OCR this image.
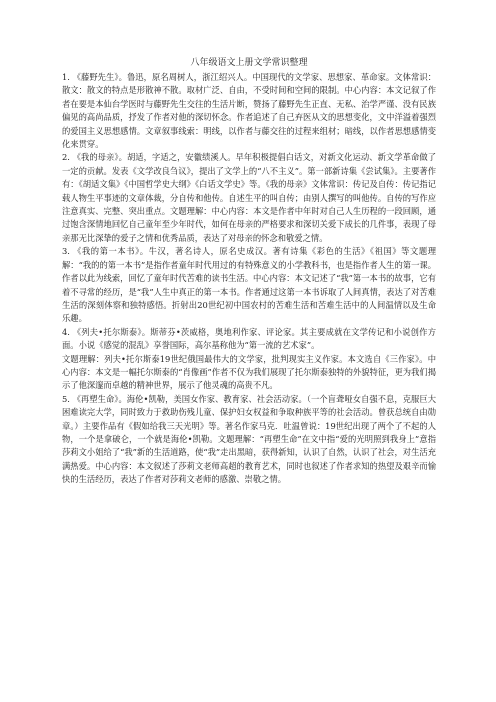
八年级语文上册文学常识整理

1. 《藤野先生》。鲁迅，原名周树人，浙江绍兴人。中国现代的文学家、思想家、革命家。文体常识：散文：散文的特点是形散神不散。取材广泛、自由，不受时间和空间的限制。中心内容：本文记叙了作者在要是本仙台学医时与藤野先生交往的生活片断，赞扬了藤野先生正直、无私、治学严谨、没有民族偏见的高尚品质，抒发了作者对他的深切怀念。作者追述了自己弃医从文的思想变化，文中洋溢着强烈的爱国主义思想感情。文章叙事线索：明线，以作者与藤交往的过程来组材；暗线，以作者思想感情变化来贯穿。

2. 《我的母亲》。胡适，字适之，安徽绩溪人。早年积极提倡白话文，对新文化运动、新文学革命做了一定的贡献。发表《文学改良刍议》，提出了文学上的“八不主义”。第一部新诗集《尝试集》。主要著作有：《胡适文集》《中国哲学史大纲》《白话文学史》等。《我的母亲》文体常识：传记及自传：传记指记载人物生平事迹的文章体裁，分自传和他传。自述生平的叫自传；由别人撰写的叫他传。自传的写作应注意真实、完整、突出重点。文题理解：中心内容：本文是作者中年时对自己人生历程的一段回顾，通过饱含深情地回忆自己童年至少年时代，如何在母亲的严格要求和深切关爱下成长的几件事，表现了母亲那无比深挚的爱子之情和优秀品质，表达了对母亲的怀念和敬爱之情。

3. 《我的第一本书》。牛汉，著名诗人，原名史成汉。著有诗集《彩色的生活》《祖国》等文题理解：“我的的第一本书”是指作者童年时代用过的有特殊意义的小学教科书，也是指作者人生的第一课。作者以此为线索，回忆了童年时代苦难的读书生活。中心内容：本文记述了“我”第一本书的故事，它有着不寻常的经历，是“我”人生中真正的第一本书。作者通过这第一本书诉取了人间真情，表达了对苦难生活的深刻体察和独特感悟。折射出20世纪初中国农村的苦难生活和苦难生活中的人间温情以及生命乐趣。

4. 《列夫•托尔斯泰》。斯蒂芬•茨威格，奥地利作家、评论家。其主要成就在文学传记和小说创作方面。小说《感觉的混乱》享誉国际，高尔基称他为“第一流的艺术家”。

文题理解：列夫•托尔斯泰19世纪俄国最伟大的文学家，批判现实主义作家。本文选自《三作家》。中心内容：本文是一幅托尔斯泰的“肖像画”作者不仅为我们展现了托尔斯泰独特的外貌特征，更为我们揭示了他深邃而卓越的精神世界，展示了他灵魂的高贵不凡。

5. 《再塑生命》。海伦•凯勒，美国女作家、教育家、社会活动家。（一个盲聋哑女自强不息，克服巨大困难读完大学，同时致力于救助伤残儿童、保护妇女权益和争取种族平等的社会活动。曾获总统自由勋章。）主要作品有《假如给我三天光明》等。著名作家马克．吐温曾说：19世纪出现了两个了不起的人物，一个是拿破仑，一个就是海伦•凯勒。文题理解：“再塑生命”在文中指“爱的光明照到我身上”意指莎莉文小姐给了“我”新的生活道路，使“我”走出黑暗，获得新知，认识了自然，认识了社会，对生活充满热爱。中心内容：本文叙述了莎莉文老师高超的教育艺术，同时也叙述了作者求知的热望及艰辛而愉快的生活经历，表达了作者对莎莉文老师的感激、崇敬之情。
